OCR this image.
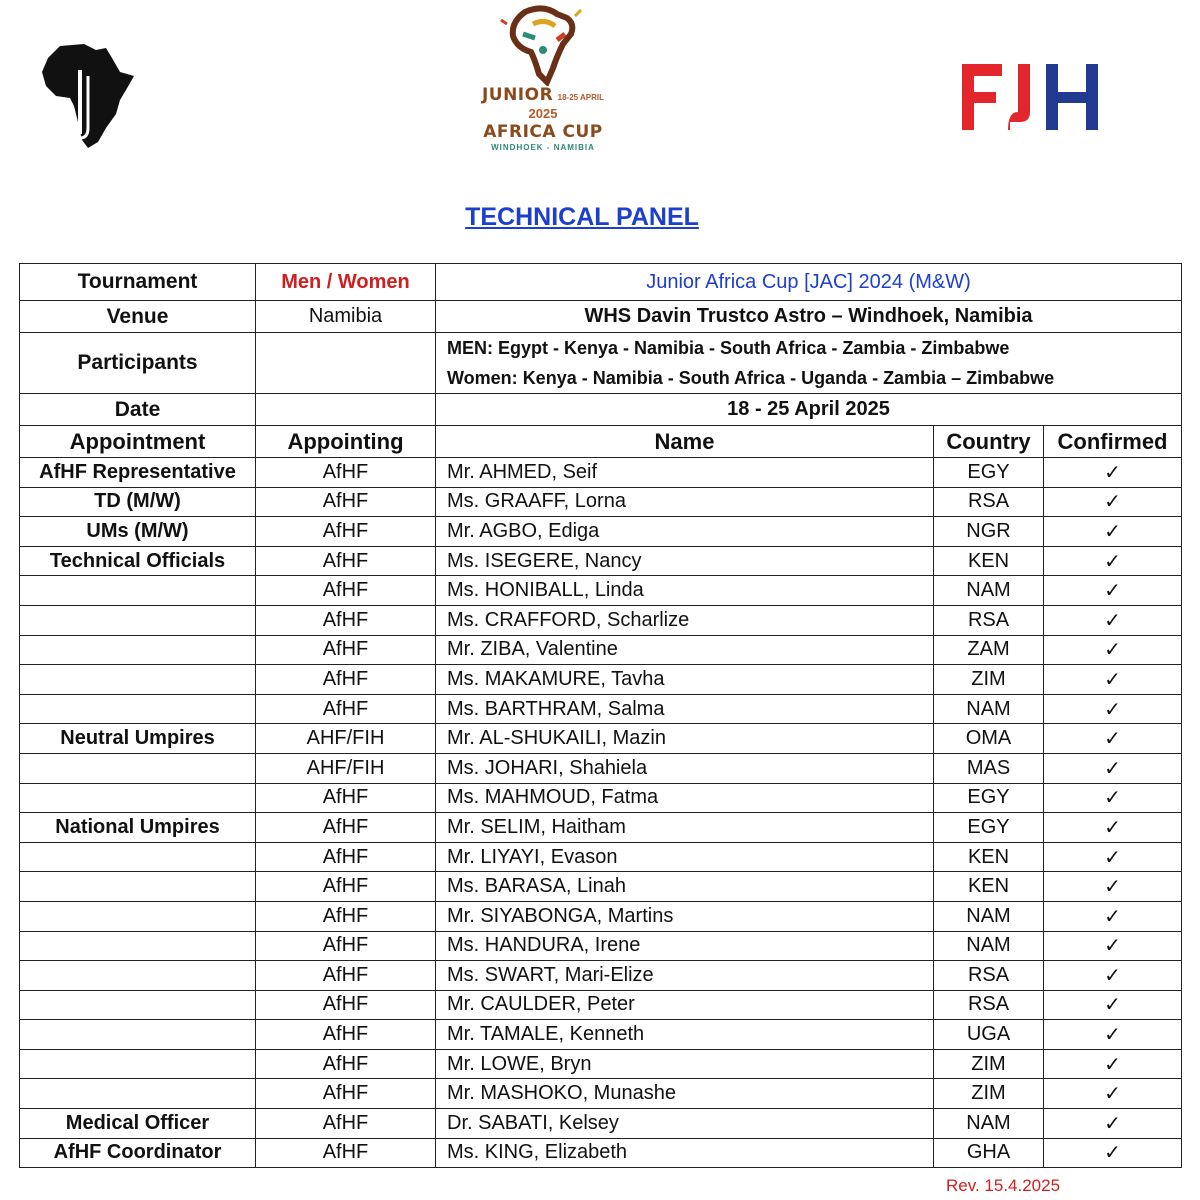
JUNIOR 18-25 APRIL 2025
AFRICA CUP
WINDHOEK - NAMIBIA
TECHNICAL PANEL
Tournament	Men / Women	Junior Africa Cup [JAC] 2024 (M&W)		
Venue	Namibia	WHS Davin Trustco Astro – Windhoek, Namibia		
Participants		MEN: Egypt - Kenya - Namibia - South Africa - Zambia - Zimbabwe
Women: Kenya - Namibia - South Africa - Uganda - Zambia – Zimbabwe		

Date		18 - 25 April 2025		
Appointment	Appointing	Name	Country	Confirmed
AfHF Representative	AfHF	Mr. AHMED, Seif	EGY	✓
TD (M/W)	AfHF	Ms. GRAAFF, Lorna	RSA	✓
UMs (M/W)	AfHF	Mr. AGBO, Ediga	NGR	✓
Technical Officials	AfHF	Ms. ISEGERE, Nancy	KEN	✓
	AfHF	Ms. HONIBALL, Linda	NAM	✓
	AfHF	Ms. CRAFFORD, Scharlize	RSA	✓
	AfHF	Mr. ZIBA, Valentine	ZAM	✓
	AfHF	Ms. MAKAMURE, Tavha	ZIM	✓
	AfHF	Ms. BARTHRAM, Salma	NAM	✓
Neutral Umpires	AHF/FIH	Mr. AL-SHUKAILI, Mazin	OMA	✓
	AHF/FIH	Ms. JOHARI, Shahiela	MAS	✓
	AfHF	Ms. MAHMOUD, Fatma	EGY	✓
National Umpires	AfHF	Mr. SELIM, Haitham	EGY	✓
	AfHF	Mr. LIYAYI, Evason	KEN	✓
	AfHF	Ms. BARASA, Linah	KEN	✓
	AfHF	Mr. SIYABONGA, Martins	NAM	✓
	AfHF	Ms. HANDURA, Irene	NAM	✓
	AfHF	Ms. SWART, Mari-Elize	RSA	✓
	AfHF	Mr. CAULDER, Peter	RSA	✓
	AfHF	Mr. TAMALE, Kenneth	UGA	✓
	AfHF	Mr. LOWE, Bryn	ZIM	✓
	AfHF	Mr. MASHOKO, Munashe	ZIM	✓
Medical Officer	AfHF	Dr. SABATI, Kelsey	NAM	✓
AfHF Coordinator	AfHF	Ms. KING, Elizabeth	GHA	✓
Rev. 15.4.2025
